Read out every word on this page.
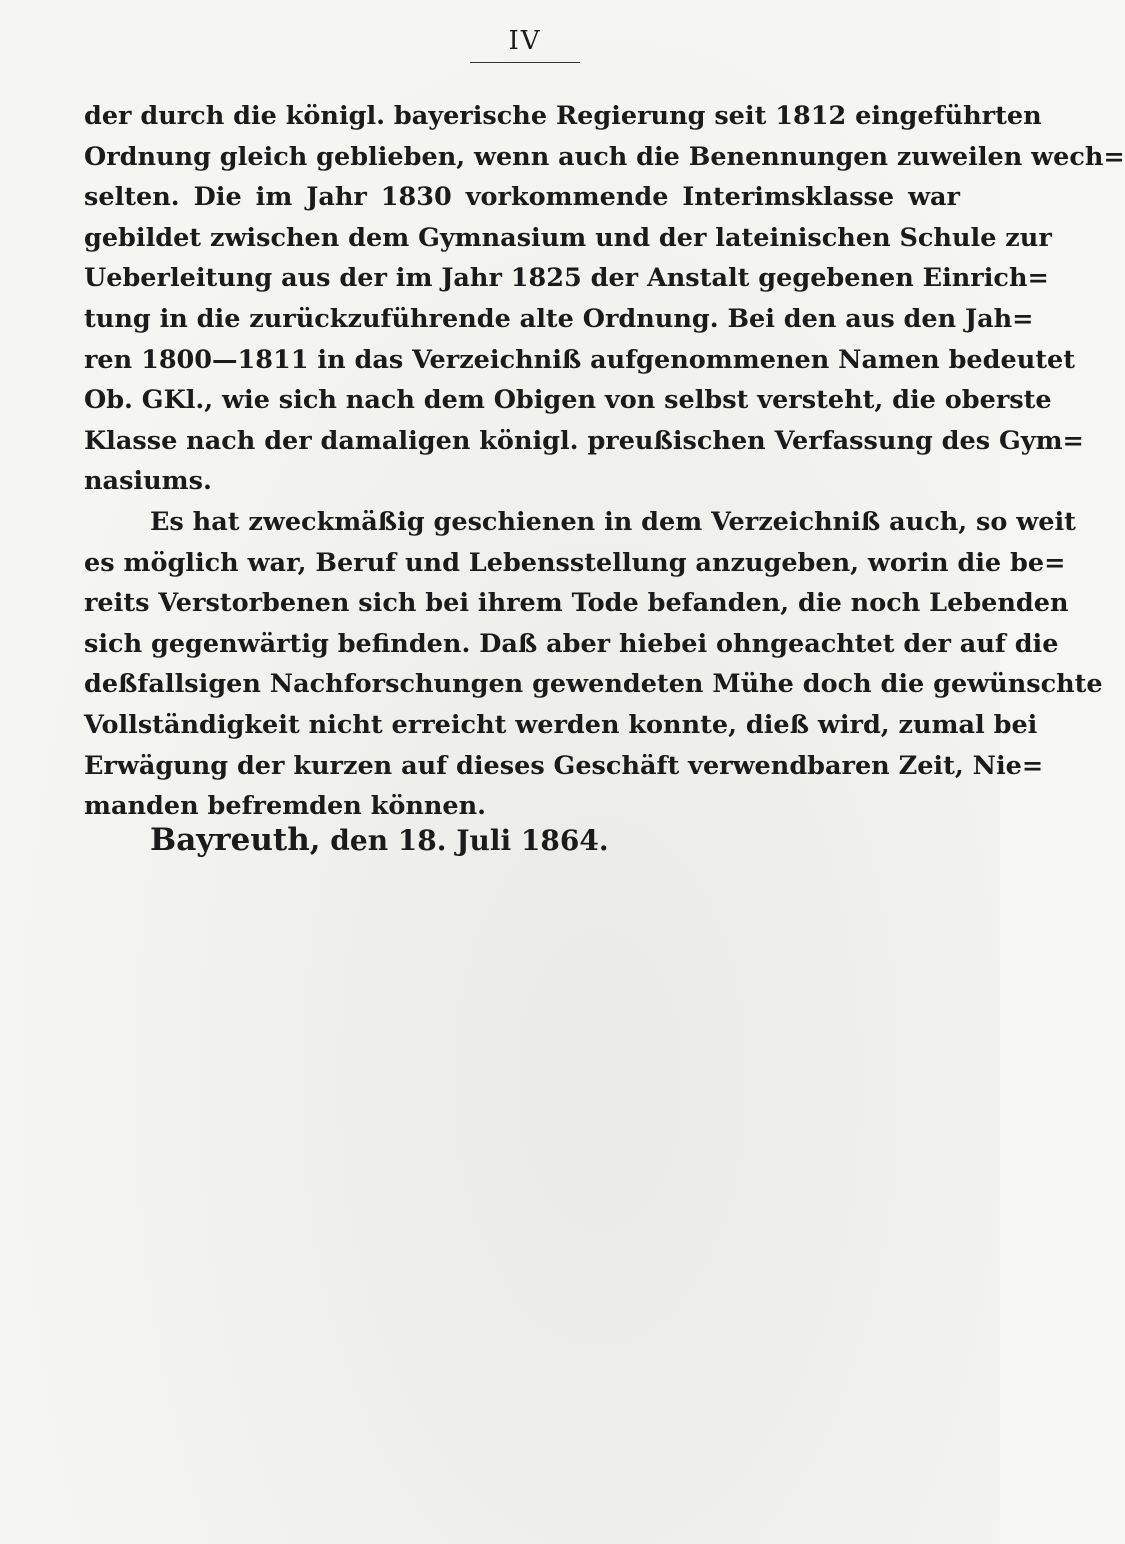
IV
der durch die königl. bayerische Regierung seit 1812 eingeführten
Ordnung gleich geblieben, wenn auch die Benennungen zuweilen wech=
selten. Die im Jahr 1830 vorkommende Interimsklasse war
gebildet zwischen dem Gymnasium und der lateinischen Schule zur
Ueberleitung aus der im Jahr 1825 der Anstalt gegebenen Einrich=
tung in die zurückzuführende alte Ordnung. Bei den aus den Jah=
ren 1800—1811 in das Verzeichniß aufgenommenen Namen bedeutet
Ob. GKl., wie sich nach dem Obigen von selbst versteht, die oberste
Klasse nach der damaligen königl. preußischen Verfassung des Gym=
nasiums.
Es hat zweckmäßig geschienen in dem Verzeichniß auch, so weit
es möglich war, Beruf und Lebensstellung anzugeben, worin die be=
reits Verstorbenen sich bei ihrem Tode befanden, die noch Lebenden
sich gegenwärtig befinden. Daß aber hiebei ohngeachtet der auf die
deßfallsigen Nachforschungen gewendeten Mühe doch die gewünschte
Vollständigkeit nicht erreicht werden konnte, dieß wird, zumal bei
Erwägung der kurzen auf dieses Geschäft verwendbaren Zeit, Nie=
manden befremden können.
Bayreuth, den 18. Juli 1864.
